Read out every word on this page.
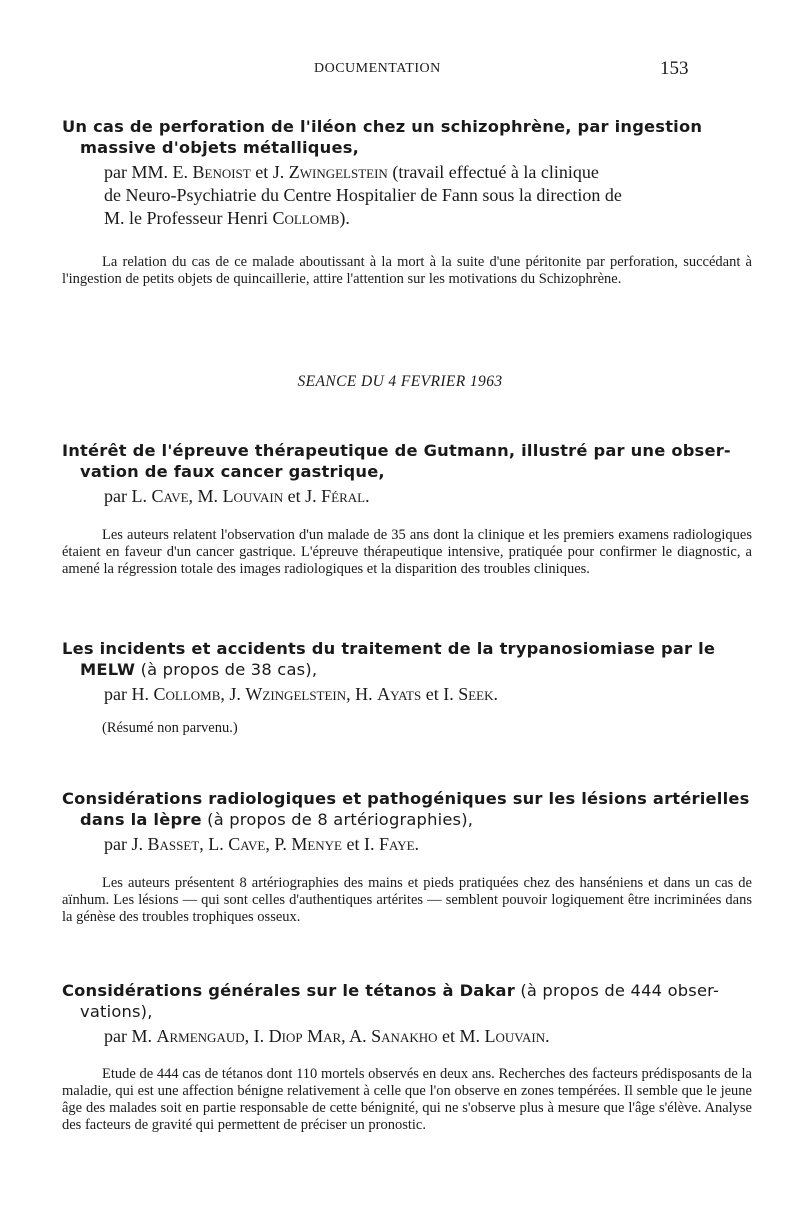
DOCUMENTATION	153

Un cas de perforation de l'iléon chez un schizophrène, par ingestion
massive d'objets métalliques,

par MM. E. Benoist et J. Zwingelstein (travail effectué à la clinique
de Neuro-Psychiatrie du Centre Hospitalier de Fann sous la direction de
M. le Professeur Henri Collomb).

La relation du cas de ce malade aboutissant à la mort à la suite d'une péritonite par perforation, succédant à l'ingestion de petits objets de quincaillerie, attire l'attention sur les motivations du Schizophrène.

SEANCE DU 4 FEVRIER 1963

Intérêt de l'épreuve thérapeutique de Gutmann, illustré par une obser-
vation de faux cancer gastrique,

par L. Cave, M. Louvain et J. Féral.

Les auteurs relatent l'observation d'un malade de 35 ans dont la clinique et les premiers examens radiologiques étaient en faveur d'un cancer gastrique. L'épreuve thérapeutique intensive, pratiquée pour confirmer le diagnostic, a amené la régression totale des images radiologiques et la disparition des troubles cliniques.

Les incidents et accidents du traitement de la trypanosiomiase par le
MELW (à propos de 38 cas),

par H. Collomb, J. Wzingelstein, H. Ayats et I. Seek.

(Résumé non parvenu.)

Considérations radiologiques et pathogéniques sur les lésions artérielles
dans la lèpre (à propos de 8 artériographies),

par J. Basset, L. Cave, P. Menye et I. Faye.

Les auteurs présentent 8 artériographies des mains et pieds pratiquées chez des hanséniens et dans un cas de aïnhum. Les lésions — qui sont celles d'authentiques artérites — semblent pouvoir logiquement être incriminées dans la génèse des troubles trophiques osseux.

Considérations générales sur le tétanos à Dakar (à propos de 444 obser-
vations),

par M. Armengaud, I. Diop Mar, A. Sanakho et M. Louvain.

Etude de 444 cas de tétanos dont 110 mortels observés en deux ans. Recherches des facteurs prédisposants de la maladie, qui est une affection bénigne relativement à celle que l'on observe en zones tempérées. Il semble que le jeune âge des malades soit en partie responsable de cette bénignité, qui ne s'observe plus à mesure que l'âge s'élève. Analyse des facteurs de gravité qui permettent de préciser un pronostic.
